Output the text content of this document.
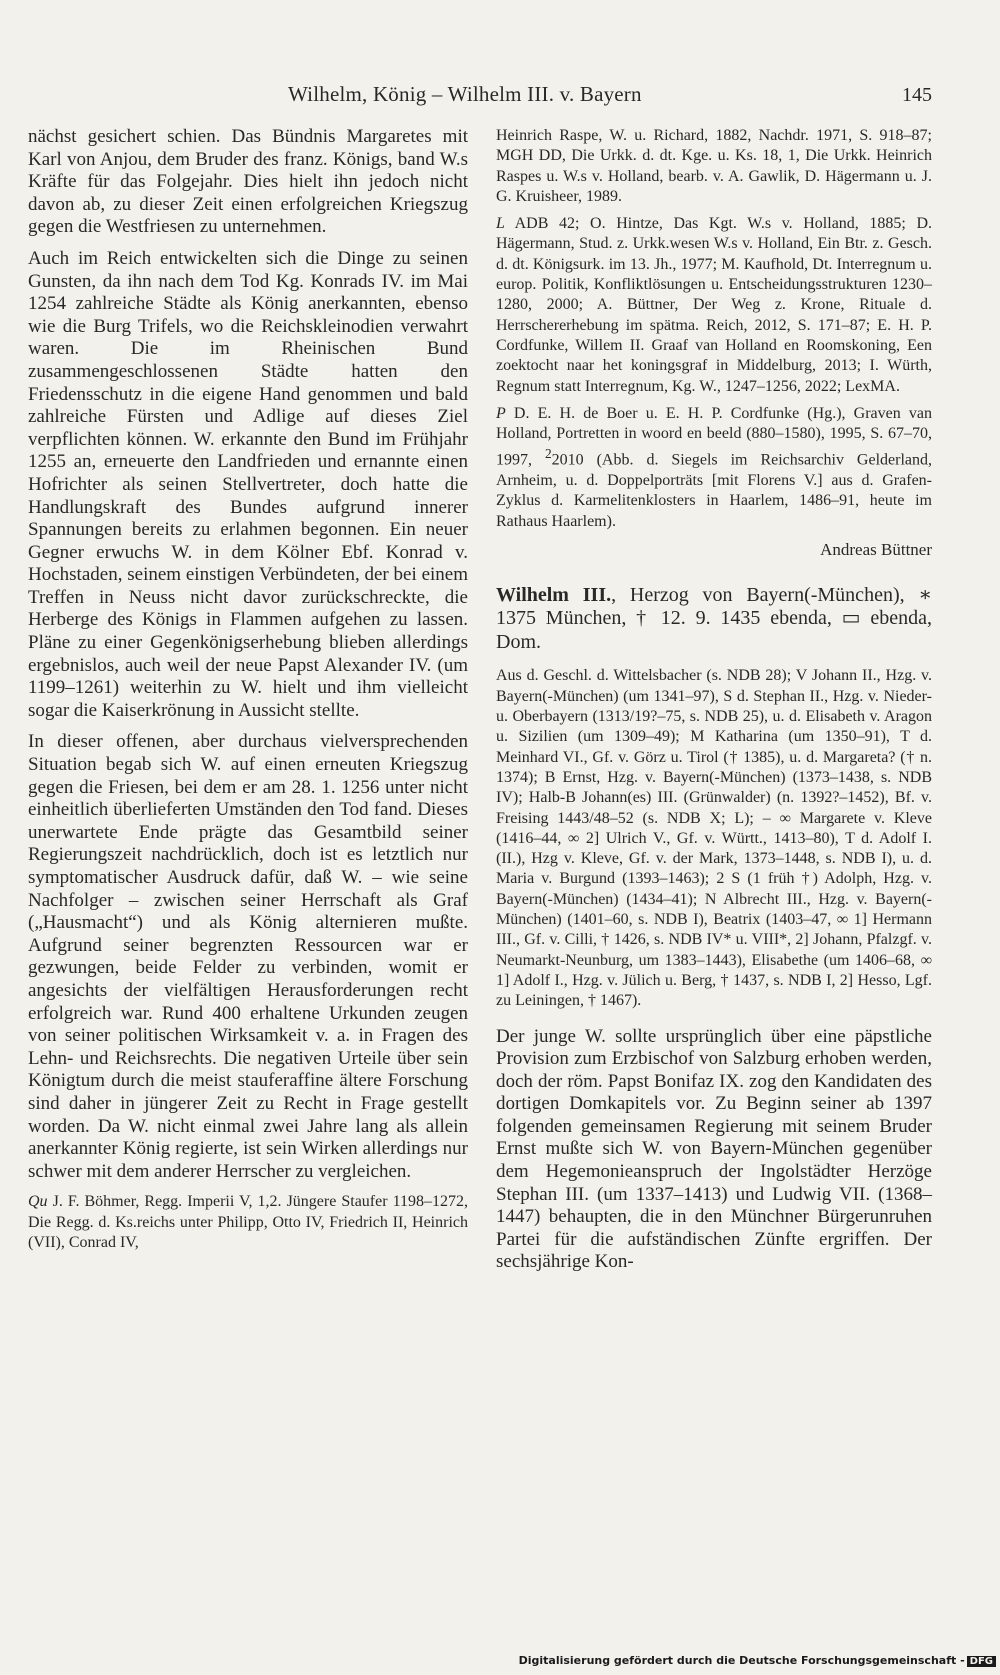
Wilhelm, König – Wilhelm III. v. Bayern	145

nächst gesichert schien. Das Bündnis Margaretes mit Karl von Anjou, dem Bruder des franz. Königs, band W.s Kräfte für das Folgejahr. Dies hielt ihn jedoch nicht davon ab, zu dieser Zeit einen erfolgreichen Kriegszug gegen die Westfriesen zu unternehmen.

Auch im Reich entwickelten sich die Dinge zu seinen Gunsten, da ihn nach dem Tod Kg. Konrads IV. im Mai 1254 zahlreiche Städte als König anerkannten, ebenso wie die Burg Trifels, wo die Reichskleinodien verwahrt waren. Die im Rheinischen Bund zusammengeschlossenen Städte hatten den Friedensschutz in die eigene Hand genommen und bald zahlreiche Fürsten und Adlige auf dieses Ziel verpflichten können. W. erkannte den Bund im Frühjahr 1255 an, erneuerte den Landfrieden und ernannte einen Hofrichter als seinen Stellvertreter, doch hatte die Handlungskraft des Bundes aufgrund innerer Spannungen bereits zu erlahmen begonnen. Ein neuer Gegner erwuchs W. in dem Kölner Ebf. Konrad v. Hochstaden, seinem einstigen Verbündeten, der bei einem Treffen in Neuss nicht davor zurückschreckte, die Herberge des Königs in Flammen aufgehen zu lassen. Pläne zu einer Gegenkönigserhebung blieben allerdings ergebnislos, auch weil der neue Papst Alexander IV. (um 1199–1261) weiterhin zu W. hielt und ihm vielleicht sogar die Kaiserkrönung in Aussicht stellte.

In dieser offenen, aber durchaus vielversprechenden Situation begab sich W. auf einen erneuten Kriegszug gegen die Friesen, bei dem er am 28. 1. 1256 unter nicht einheitlich überlieferten Umständen den Tod fand. Dieses unerwartete Ende prägte das Gesamtbild seiner Regierungszeit nachdrücklich, doch ist es letztlich nur symptomatischer Ausdruck dafür, daß W. – wie seine Nachfolger – zwischen seiner Herrschaft als Graf („Hausmacht“) und als König alternieren mußte. Aufgrund seiner begrenzten Ressourcen war er gezwungen, beide Felder zu verbinden, womit er angesichts der vielfältigen Herausforderungen recht erfolgreich war. Rund 400 erhaltene Urkunden zeugen von seiner politischen Wirksamkeit v. a. in Fragen des Lehn- und Reichsrechts. Die negativen Urteile über sein Königtum durch die meist stauferaffine ältere Forschung sind daher in jüngerer Zeit zu Recht in Frage gestellt worden. Da W. nicht einmal zwei Jahre lang als allein anerkannter König regierte, ist sein Wirken allerdings nur schwer mit dem anderer Herrscher zu vergleichen.

Qu J. F. Böhmer, Regg. Imperii V, 1,2. Jüngere Staufer 1198–1272, Die Regg. d. Ks.reichs unter Philipp, Otto IV, Friedrich II, Heinrich (VII), Conrad IV,

Heinrich Raspe, W. u. Richard, 1882, Nachdr. 1971, S. 918–87; MGH DD, Die Urkk. d. dt. Kge. u. Ks. 18, 1, Die Urkk. Heinrich Raspes u. W.s v. Holland, bearb. v. A. Gawlik, D. Hägermann u. J. G. Kruisheer, 1989.

L ADB 42; O. Hintze, Das Kgt. W.s v. Holland, 1885; D. Hägermann, Stud. z. Urkk.wesen W.s v. Holland, Ein Btr. z. Gesch. d. dt. Königsurk. im 13. Jh., 1977; M. Kaufhold, Dt. Interregnum u. europ. Politik, Konfliktlösungen u. Entscheidungsstrukturen 1230–1280, 2000; A. Büttner, Der Weg z. Krone, Rituale d. Herrschererhebung im spätma. Reich, 2012, S. 171–87; E. H. P. Cordfunke, Willem II. Graaf van Holland en Roomskoning, Een zoektocht naar het koningsgraf in Middelburg, 2013; I. Würth, Regnum statt Interregnum, Kg. W., 1247–1256, 2022; LexMA.

P D. E. H. de Boer u. E. H. P. Cordfunke (Hg.), Graven van Holland, Portretten in woord en beeld (880–1580), 1995, S. 67–70, 1997, $^2$2010 (Abb. d. Siegels im Reichsarchiv Gelderland, Arnheim, u. d. Doppelporträts [mit Florens V.] aus d. Grafen-Zyklus d. Karmelitenklosters in Haarlem, 1486–91, heute im Rathaus Haarlem).

Andreas Büttner

Wilhelm III., Herzog von Bayern(-München), ∗ 1375 München, † 12. 9. 1435 ebenda, ▭ ebenda, Dom.

Aus d. Geschl. d. Wittelsbacher (s. NDB 28); V Johann II., Hzg. v. Bayern(-München) (um 1341–97), S d. Stephan II., Hzg. v. Nieder- u. Oberbayern (1313/19?–75, s. NDB 25), u. d. Elisabeth v. Aragon u. Sizilien (um 1309–49); M Katharina (um 1350–91), T d. Meinhard VI., Gf. v. Görz u. Tirol († 1385), u. d. Margareta? († n. 1374); B Ernst, Hzg. v. Bayern(-München) (1373–1438, s. NDB IV); Halb-B Johann(es) III. (Grünwalder) (n. 1392?–1452), Bf. v. Freising 1443/48–52 (s. NDB X; L); – ∞ Margarete v. Kleve (1416–44, ∞ 2] Ulrich V., Gf. v. Württ., 1413–80), T d. Adolf I. (II.), Hzg v. Kleve, Gf. v. der Mark, 1373–1448, s. NDB I), u. d. Maria v. Burgund (1393–1463); 2 S (1 früh †) Adolph, Hzg. v. Bayern(-München) (1434–41); N Albrecht III., Hzg. v. Bayern(-München) (1401–60, s. NDB I), Beatrix (1403–47, ∞ 1] Hermann III., Gf. v. Cilli, † 1426, s. NDB IV* u. VIII*, 2] Johann, Pfalzgf. v. Neumarkt-Neunburg, um 1383–1443), Elisabethe (um 1406–68, ∞ 1] Adolf I., Hzg. v. Jülich u. Berg, † 1437, s. NDB I, 2] Hesso, Lgf. zu Leiningen, † 1467).

Der junge W. sollte ursprünglich über eine päpstliche Provision zum Erzbischof von Salzburg erhoben werden, doch der röm. Papst Bonifaz IX. zog den Kandidaten des dortigen Domkapitels vor. Zu Beginn seiner ab 1397 folgenden gemeinsamen Regierung mit seinem Bruder Ernst mußte sich W. von Bayern-München gegenüber dem Hegemonieanspruch der Ingolstädter Herzöge Stephan III. (um 1337–1413) und Ludwig VII. (1368–1447) behaupten, die in den Münchner Bürgerunruhen Partei für die aufständischen Zünfte ergriffen. Der sechsjährige Kon-

Digitalisierung gefördert durch die Deutsche Forschungsgemeinschaft - DFG
